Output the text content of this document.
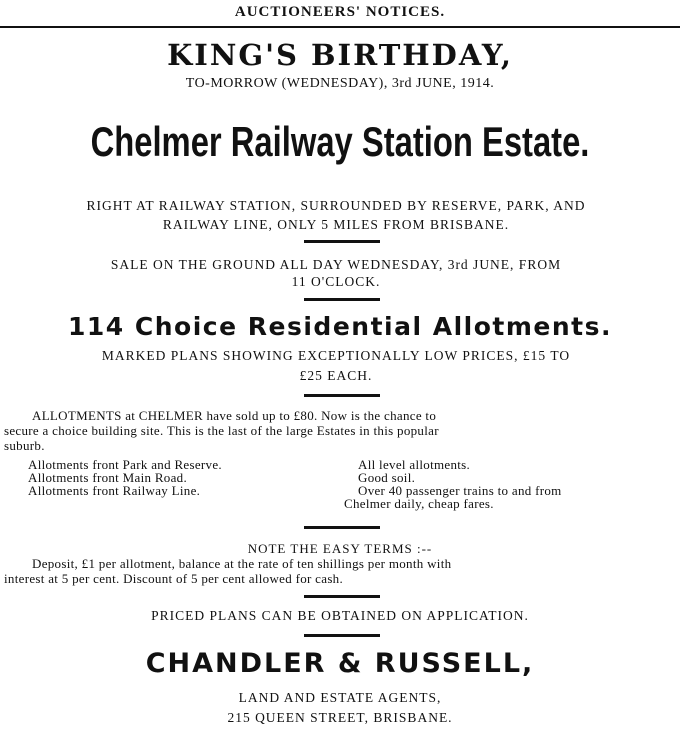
AUCTIONEERS' NOTICES.
KING'S BIRTHDAY,
TO-MORROW (WEDNESDAY), 3rd JUNE, 1914.
Chelmer Railway Station Estate.
RIGHT AT RAILWAY STATION, SURROUNDED BY RESERVE, PARK, AND
RAILWAY LINE, ONLY 5 MILES FROM BRISBANE.
SALE ON THE GROUND ALL DAY WEDNESDAY, 3rd JUNE, FROM
11 O'CLOCK.
114 Choice Residential Allotments.
MARKED PLANS SHOWING EXCEPTIONALLY LOW PRICES, £15 TO
£25 EACH.
ALLOTMENTS at CHELMER have sold up to £80. Now is the chance to
secure a choice building site. This is the last of the large Estates in this popular
suburb.
Allotments front Park and Reserve.
Allotments front Main Road.
Allotments front Railway Line.
All level allotments.
Good soil.
Over 40 passenger trains to and from
Chelmer daily, cheap fares.
NOTE THE EASY TERMS :--
Deposit, £1 per allotment, balance at the rate of ten shillings per month with
interest at 5 per cent. Discount of 5 per cent allowed for cash.
PRICED PLANS CAN BE OBTAINED ON APPLICATION.
CHANDLER & RUSSELL,
LAND AND ESTATE AGENTS,
215 QUEEN STREET, BRISBANE.
